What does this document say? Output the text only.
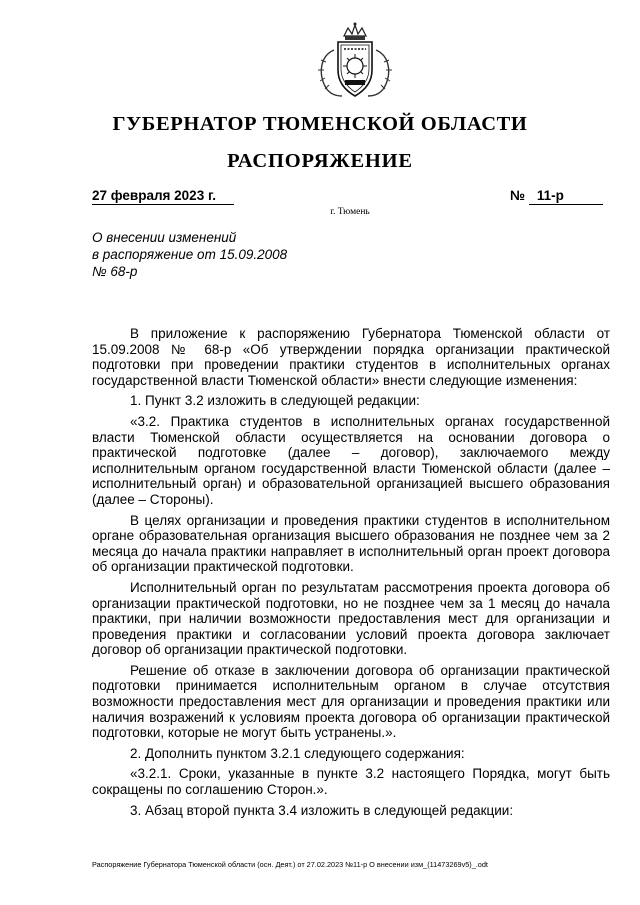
ГУБЕРНАТОР ТЮМЕНСКОЙ ОБЛАСТИ
РАСПОРЯЖЕНИЕ
27 февраля 2023 г.	№ 11-р
г. Тюмень
О внесении изменений
в распоряжение от 15.09.2008
№ 68-р

В приложение к распоряжению Губернатора Тюменской области от 15.09.2008 № 68-р «Об утверждении порядка организации практической подготовки при проведении практики студентов в исполнительных органах государственной власти Тюменской области» внести следующие изменения:

1. Пункт 3.2 изложить в следующей редакции:

«3.2. Практика студентов в исполнительных органах государственной власти Тюменской области осуществляется на основании договора о практической подготовке (далее – договор), заключаемого между исполнительным органом государственной власти Тюменской области (далее – исполнительный орган) и образовательной организацией высшего образования (далее – Стороны).

В целях организации и проведения практики студентов в исполнительном органе образовательная организация высшего образования не позднее чем за 2 месяца до начала практики направляет в исполнительный орган проект договора об организации практической подготовки.

Исполнительный орган по результатам рассмотрения проекта договора об организации практической подготовки, но не позднее чем за 1 месяц до начала практики, при наличии возможности предоставления мест для организации и проведения практики и согласовании условий проекта договора заключает договор об организации практической подготовки.

Решение об отказе в заключении договора об организации практической подготовки принимается исполнительным органом в случае отсутствия возможности предоставления мест для организации и проведения практики или наличия возражений к условиям проекта договора об организации практической подготовки, которые не могут быть устранены.».

2. Дополнить пунктом 3.2.1 следующего содержания:

«3.2.1. Сроки, указанные в пункте 3.2 настоящего Порядка, могут быть сокращены по соглашению Сторон.».

3. Абзац второй пункта 3.4 изложить в следующей редакции:

Распоряжение Губернатора Тюменской области (осн. Деят.) от 27.02.2023 №11-р О внесении изм_(11473269v5)_.odt
